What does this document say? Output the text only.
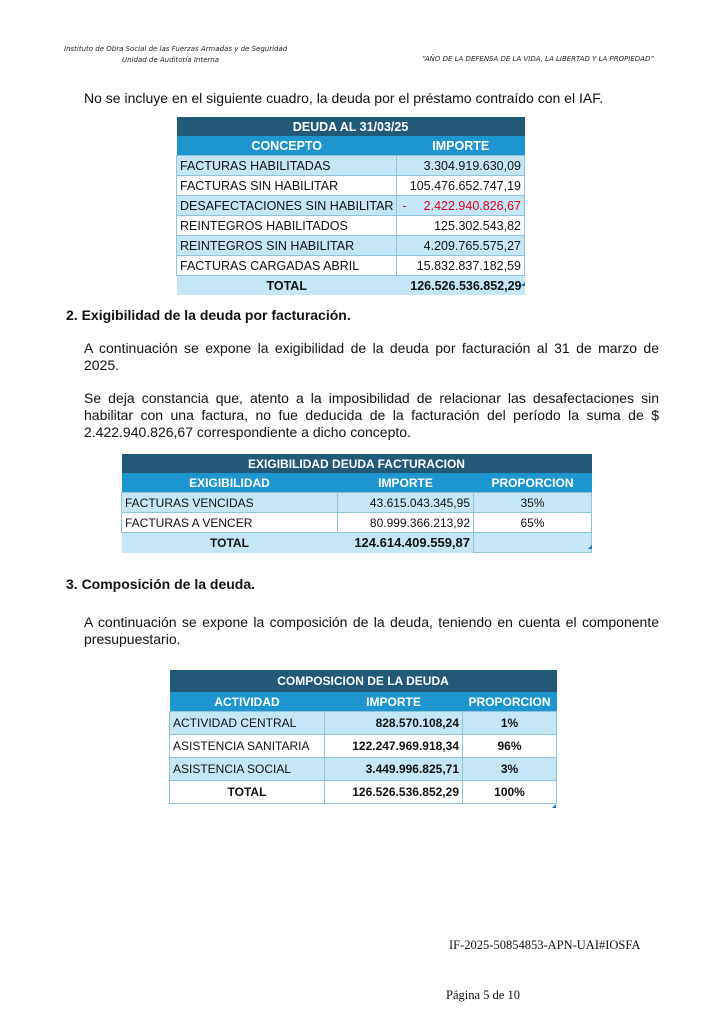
Instituto de Obra Social de las Fuerzas Armadas y de Seguridad
Unidad de Auditoría Interna	“AÑO DE LA DEFENSA DE LA VIDA, LA LIBERTAD Y LA PROPIEDAD”
No se incluye en el siguiente cuadro, la deuda por el préstamo contraído con el IAF.
DEUDA AL 31/03/25	
CONCEPTO	IMPORTE
FACTURAS HABILITADAS	3.304.919.630,09
FACTURAS SIN HABILITAR	105.476.652.747,19
DESAFECTACIONES SIN HABILITAR	- 2.422.940.826,67
REINTEGROS HABILITADOS	125.302.543,82
REINTEGROS SIN HABILITAR	4.209.765.575,27
FACTURAS CARGADAS ABRIL	15.832.837.182,59
TOTAL	126.526.536.852,29
2. Exigibilidad de la deuda por facturación.
A continuación se expone la exigibilidad de la deuda por facturación al 31 de marzo de 2025.
Se deja constancia que, atento a la imposibilidad de relacionar las desafectaciones sin habilitar con una factura, no fue deducida de la facturación del período la suma de $ 2.422.940.826,67 correspondiente a dicho concepto.
EXIGIBILIDAD DEUDA FACTURACION		
EXIGIBILIDAD	IMPORTE	PROPORCION
FACTURAS VENCIDAS	43.615.043.345,95	35%
FACTURAS A VENCER	80.999.366.213,92	65%
TOTAL	124.614.409.559,87	
3. Composición de la deuda.
A continuación se expone la composición de la deuda, teniendo en cuenta el componente presupuestario.
COMPOSICION DE LA DEUDA		
ACTIVIDAD	IMPORTE	PROPORCION
ACTIVIDAD CENTRAL	828.570.108,24	1%
ASISTENCIA SANITARIA	122.247.969.918,34	96%
ASISTENCIA SOCIAL	3.449.996.825,71	3%
TOTAL	126.526.536.852,29	100%
IF-2025-50854853-APN-UAI#IOSFA
Página 5 de 10
